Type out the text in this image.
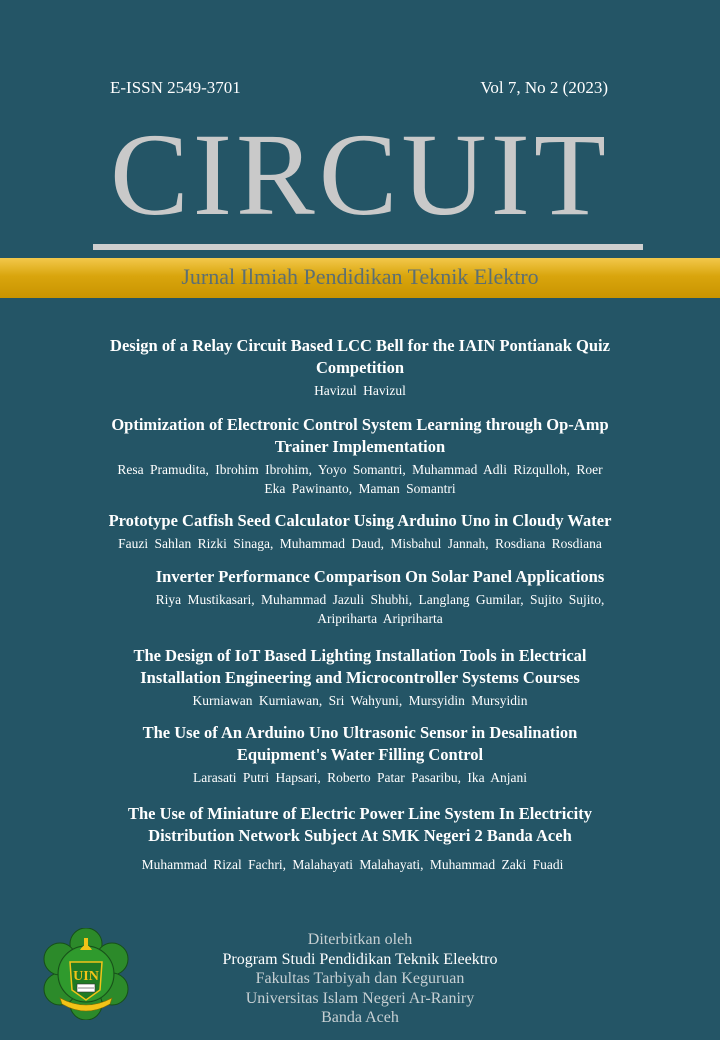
E-ISSN 2549-3701	Vol 7, No 2 (2023)
CIRCUIT
Jurnal Ilmiah Pendidikan Teknik Elektro
Design of a Relay Circuit Based LCC Bell for the IAIN Pontianak Quiz
Competition
Havizul Havizul
Optimization of Electronic Control System Learning through Op-Amp
Trainer Implementation
Resa Pramudita, Ibrohim Ibrohim, Yoyo Somantri, Muhammad Adli Rizqulloh, Roer
Eka Pawinanto, Maman Somantri
Prototype Catfish Seed Calculator Using Arduino Uno in Cloudy Water
Fauzi Sahlan Rizki Sinaga, Muhammad Daud, Misbahul Jannah, Rosdiana Rosdiana
Inverter Performance Comparison On Solar Panel Applications
Riya Mustikasari, Muhammad Jazuli Shubhi, Langlang Gumilar, Sujito Sujito,
Aripriharta Aripriharta
The Design of IoT Based Lighting Installation Tools in Electrical
Installation Engineering and Microcontroller Systems Courses
Kurniawan Kurniawan, Sri Wahyuni, Mursyidin Mursyidin
The Use of An Arduino Uno Ultrasonic Sensor in Desalination
Equipment's Water Filling Control
Larasati Putri Hapsari, Roberto Patar Pasaribu, Ika Anjani
The Use of Miniature of Electric Power Line System In Electricity
Distribution Network Subject At SMK Negeri 2 Banda Aceh
Muhammad Rizal Fachri, Malahayati Malahayati, Muhammad Zaki Fuadi
UIN
Diterbitkan oleh
Program Studi Pendidikan Teknik Eleektro
Fakultas Tarbiyah dan Keguruan
Universitas Islam Negeri Ar-Raniry
Banda Aceh
